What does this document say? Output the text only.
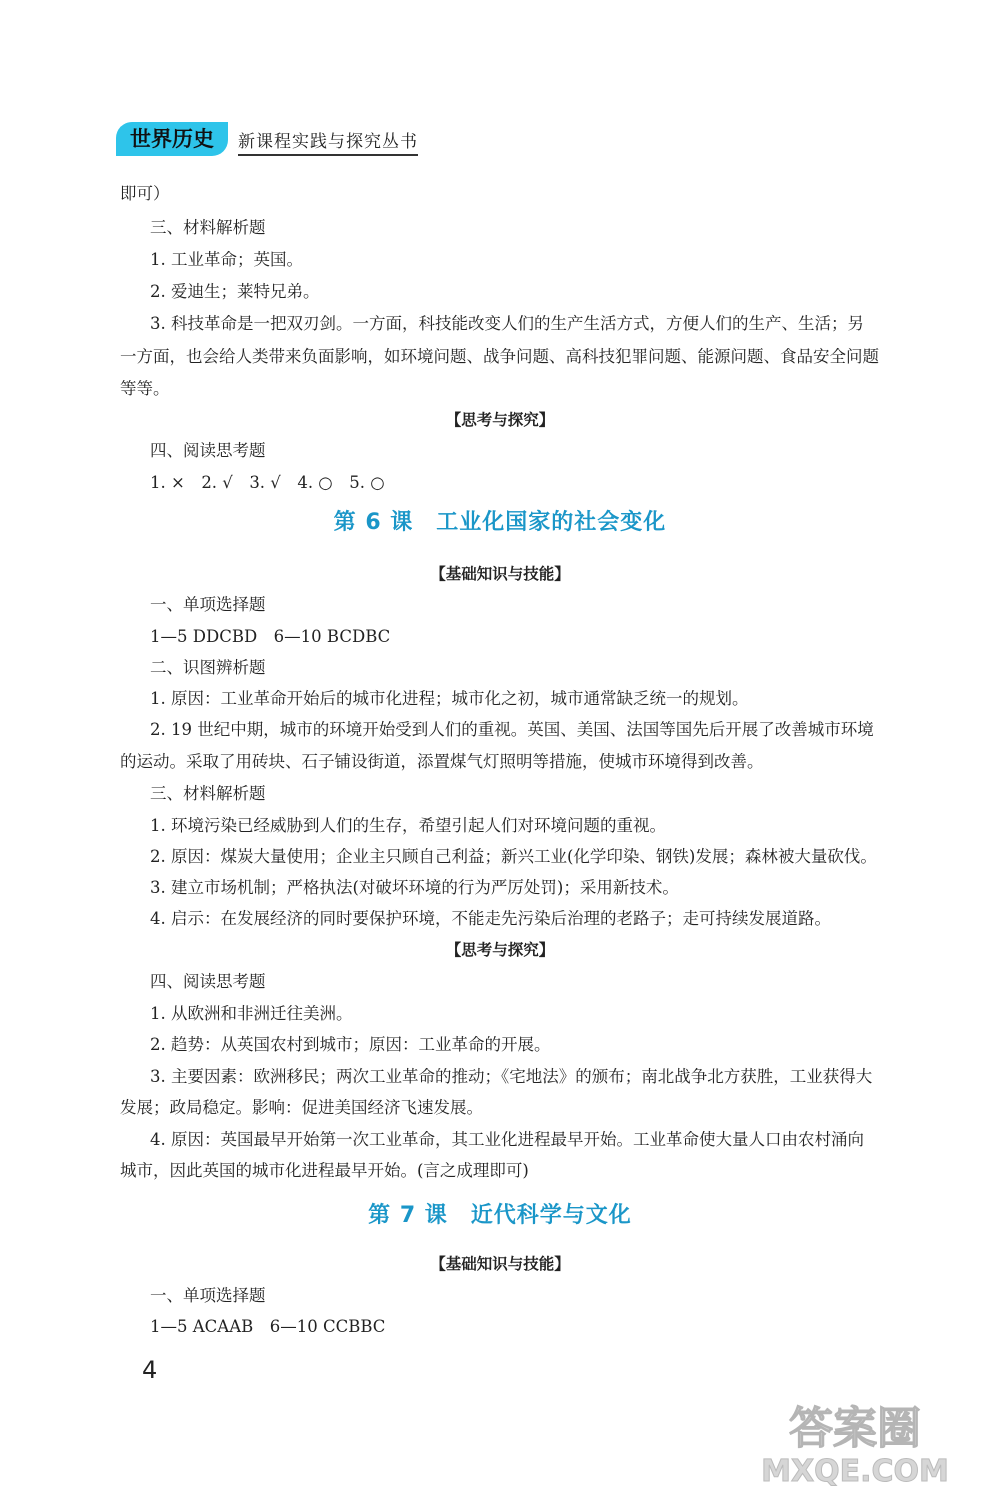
世界历史	新课程实践与探究丛书
即可）
三、材料解析题
1. 工业革命；英国。
2. 爱迪生；莱特兄弟。
3. 科技革命是一把双刃剑。一方面，科技能改变人们的生产生活方式，方便人们的生产、生活；另
一方面，也会给人类带来负面影响，如环境问题、战争问题、高科技犯罪问题、能源问题、食品安全问题
等等。
【思考与探究】
四、阅读思考题
1. ×　2. √　3. √　4. ○　5. ○
第 6 课　工业化国家的社会变化
【基础知识与技能】
一、单项选择题
1—5 DDCBD　6—10 BCDBC
二、识图辨析题
1. 原因：工业革命开始后的城市化进程；城市化之初，城市通常缺乏统一的规划。
2. 19 世纪中期，城市的环境开始受到人们的重视。英国、美国、法国等国先后开展了改善城市环境
的运动。采取了用砖块、石子铺设街道，添置煤气灯照明等措施，使城市环境得到改善。
三、材料解析题
1. 环境污染已经威胁到人们的生存，希望引起人们对环境问题的重视。
2. 原因：煤炭大量使用；企业主只顾自己利益；新兴工业(化学印染、钢铁)发展；森林被大量砍伐。
3. 建立市场机制；严格执法(对破坏环境的行为严厉处罚)；采用新技术。
4. 启示：在发展经济的同时要保护环境，不能走先污染后治理的老路子；走可持续发展道路。
【思考与探究】
四、阅读思考题
1. 从欧洲和非洲迁往美洲。
2. 趋势：从英国农村到城市；原因：工业革命的开展。
3. 主要因素：欧洲移民；两次工业革命的推动；《宅地法》的颁布；南北战争北方获胜，工业获得大
发展；政局稳定。影响：促进美国经济飞速发展。
4. 原因：英国最早开始第一次工业革命，其工业化进程最早开始。工业革命使大量人口由农村涌向
城市，因此英国的城市化进程最早开始。(言之成理即可)
第 7 课　近代科学与文化
【基础知识与技能】
一、单项选择题
1—5 ACAAB　6—10 CCBBC
4
答案圈
MXQE.COM
